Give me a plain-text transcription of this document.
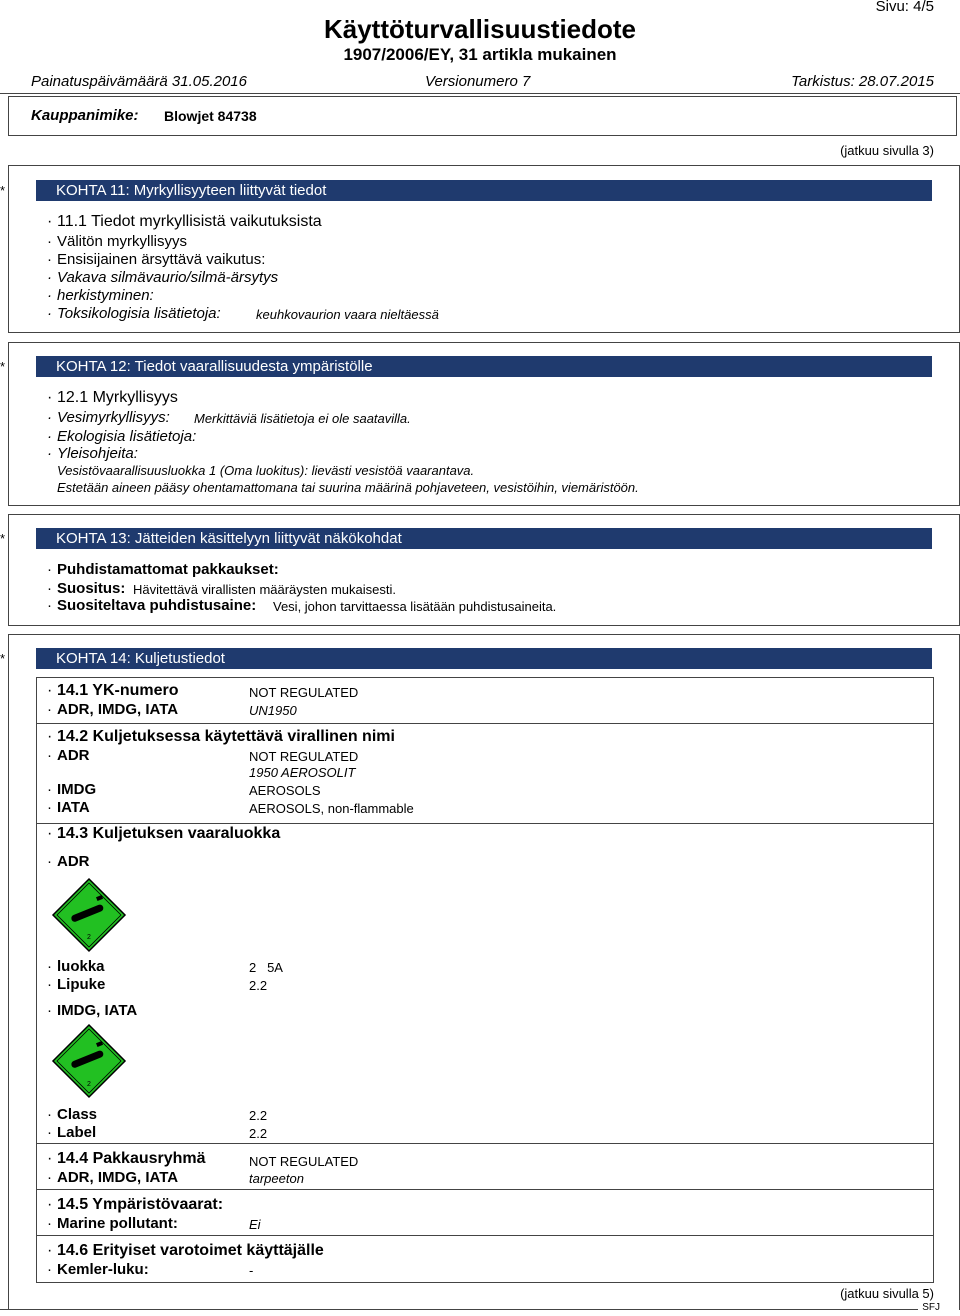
Käyttöturvallisuustiedote
1907/2006/EY, 31 artikla mukainen
Sivu: 4/5
Painatuspäivämäärä 31.05.2016	Versionumero 7	Tarkistus: 28.07.2015
Kauppanimike: Blowjet 84738
(jatkuu sivulla 3)
*	KOHTA 11: Myrkyllisyyteen liittyvät tiedot
· 11.1 Tiedot myrkyllisistä vaikutuksista
· Välitön myrkyllisyys
· Ensisijainen ärsyttävä vaikutus:
· Vakava silmävaurio/silmä-ärsytys
· herkistyminen:
· Toksikologisia lisätietoja:	keuhkovaurion vaara nieltäessä
*	KOHTA 12: Tiedot vaarallisuudesta ympäristölle
· 12.1 Myrkyllisyys
· Vesimyrkyllisyys: Merkittäviä lisätietoja ei ole saatavilla.
· Ekologisia lisätietoja:
· Yleisohjeita:
Vesistövaarallisuusluokka 1 (Oma luokitus): lievästi vesistöä vaarantava.
Estetään aineen pääsy ohentamattomana tai suurina määrinä pohjaveteen, vesistöihin, viemäristöön.
*	KOHTA 13: Jätteiden käsittelyyn liittyvät näkökohdat
· Puhdistamattomat pakkaukset:
· Suositus: Hävitettävä virallisten määräysten mukaisesti.
· Suositeltava puhdistusaine: Vesi, johon tarvittaessa lisätään puhdistusaineita.
*	KOHTA 14: Kuljetustiedot
· 14.1 YK-numero	NOT REGULATED
· ADR, IMDG, IATA	UN1950
· 14.2 Kuljetuksessa käytettävä virallinen nimi
· ADR	NOT REGULATED
1950 AEROSOLIT
· IMDG	AEROSOLS
· IATA	AEROSOLS, non-flammable
· 14.3 Kuljetuksen vaaraluokka
· ADR
2
· luokka	2   5A
· Lipuke	2.2
· IMDG, IATA
2
· Class	2.2
· Label	2.2
· 14.4 Pakkausryhmä	NOT REGULATED
· ADR, IMDG, IATA	tarpeeton
· 14.5 Ympäristövaarat:
· Marine pollutant:	Ei
· 14.6 Erityiset varotoimet käyttäjälle
· Kemler-luku:	-
(jatkuu sivulla 5)
SFJ
